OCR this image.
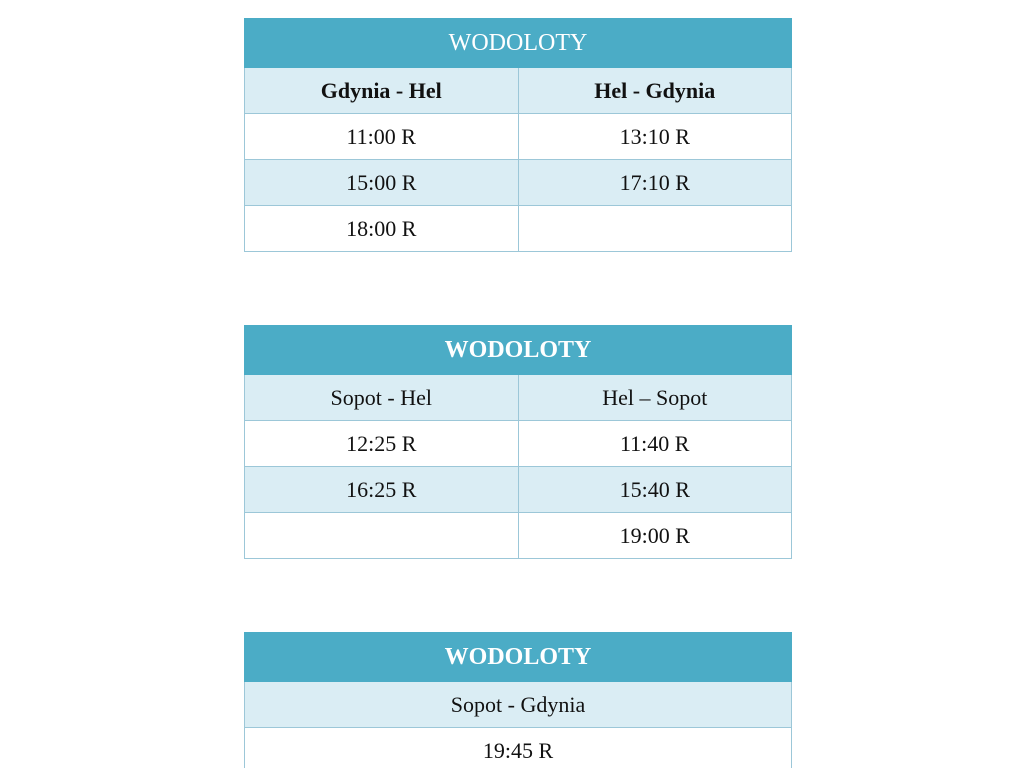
WODOLOTY	
Gdynia - Hel	Hel - Gdynia
11:00 R	13:10 R
15:00 R	17:10 R
18:00 R	
WODOLOTY	
Sopot - Hel	Hel – Sopot
12:25 R	11:40 R
16:25 R	15:40 R
	19:00 R
WODOLOTY
Sopot - Gdynia
19:45 R
